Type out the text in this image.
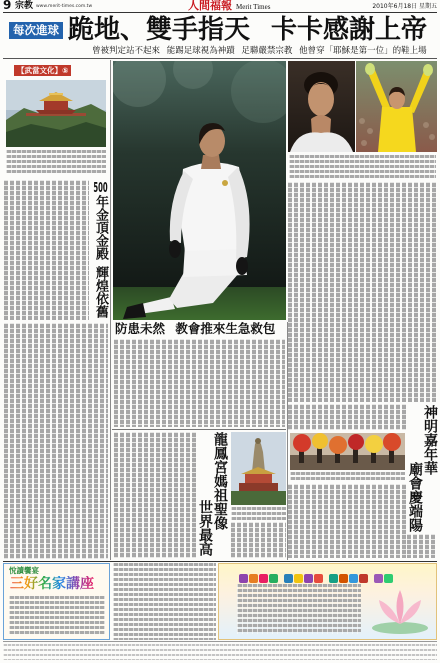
9 宗教 www.merit-times.com.tw	人間福報 Merit Times	2010年6月18日 星期五
每次進球 跪地、雙手指天 卡卡感謝上帝
曾被判定站不起來 能踢足球視為神蹟 足聯嚴禁宗教 他曾穿「耶穌是第一位」的鞋上場
【武當文化】⑤
500年金頂金殿輝煌依舊
防患未然 教會推來生急救包
龍鳳宮媽祖聖像
世界最高
神明嘉年華
廟會慶端陽
悅讀饗宴
三好名家講座
